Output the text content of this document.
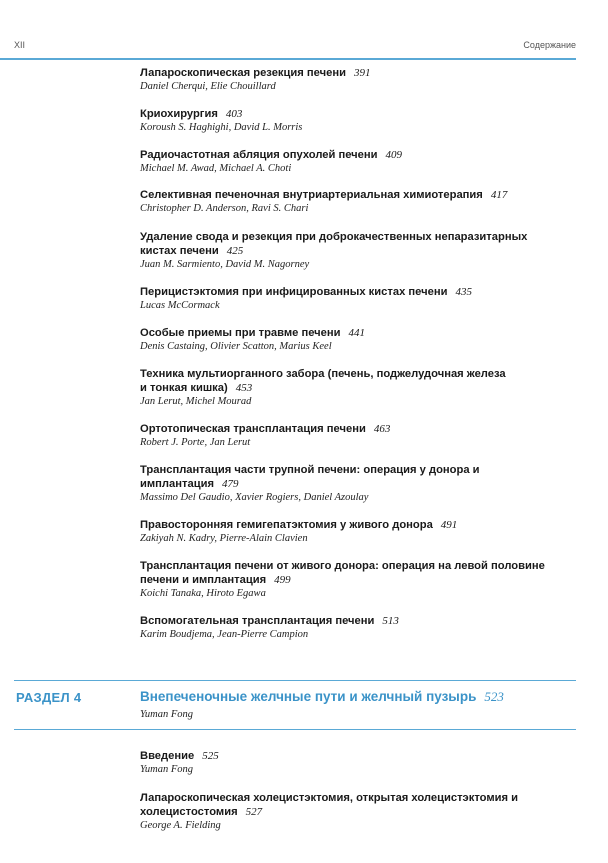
XII	Содержание
Лапароскопическая резекция печени 391
Daniel Cherqui, Elie Chouillard
Криохирургия 403
Koroush S. Haghighi, David L. Morris
Радиочастотная абляция опухолей печени 409
Michael M. Awad, Michael A. Choti
Селективная печеночная внутриартериальная химиотерапия 417
Christopher D. Anderson, Ravi S. Chari
Удаление свода и резекция при доброкачественных непаразитарных
кистах печени 425
Juan M. Sarmiento, David M. Nagorney
Перицистэктомия при инфицированных кистах печени 435
Lucas McCormack
Особые приемы при травме печени 441
Denis Castaing, Olivier Scatton, Marius Keel
Техника мультиорганного забора (печень, поджелудочная железа
и тонкая кишка) 453
Jan Lerut, Michel Mourad
Ортотопическая трансплантация печени 463
Robert J. Porte, Jan Lerut
Трансплантация части трупной печени: операция у донора и
имплантация 479
Massimo Del Gaudio, Xavier Rogiers, Daniel Azoulay
Правосторонняя гемигепатэктомия у живого донора 491
Zakiyah N. Kadry, Pierre-Alain Clavien
Трансплантация печени от живого донора: операция на левой половине
печени и имплантация 499
Koichi Tanaka, Hiroto Egawa
Вспомогательная трансплантация печени 513
Karim Boudjema, Jean-Pierre Campion
РАЗДЕЛ 4	Внепеченочные желчные пути и желчный пузырь 523
Yuman Fong
Введение 525
Yuman Fong
Лапароскопическая холецистэктомия, открытая холецистэктомия и
холецистостомия 527
George A. Fielding
